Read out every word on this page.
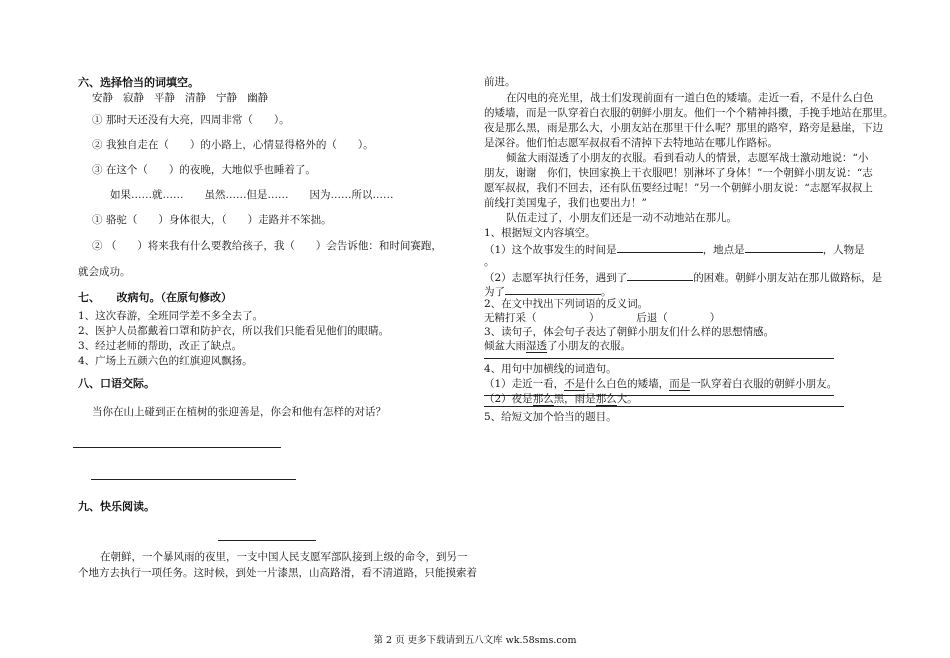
六、选择恰当的词填空。
安静   寂静   平静   清静   宁静   幽静
① 那时天还没有大亮，四周非常（　　）。
② 我独自走在（　　）的小路上，心情显得格外的（　　）。
③ 在这个（　　）的夜晚，大地似乎也睡着了。
如果……就……　　虽然……但是……　　因为……所以……
① 骆驼（　　）身体很大，（　　）走路并不笨拙。
② （　　）将来我有什么要教给孩子，我（　　）会告诉他：和时间赛跑，
就会成功。
七、　　改病句。（在原句修改）
1、这次春游，全班同学差不多全去了。
2、医护人员都戴着口罩和防护衣，所以我们只能看见他们的眼睛。
3、经过老师的帮助，改正了缺点。
4、广场上五颜六色的红旗迎风飘扬。
八、口语交际。
当你在山上碰到正在植树的张迎善是，你会和他有怎样的对话？
九、快乐阅读。
在朝鲜，一个暴风雨的夜里，一支中国人民支愿军部队接到上级的命令，到另一
个地方去执行一项任务。这时候，到处一片漆黑，山高路滑，看不清道路，只能摸索着
前进。
在闪电的亮光里，战士们发现前面有一道白色的矮墙。走近一看，不是什么白色
的矮墙，而是一队穿着白衣服的朝鲜小朋友。他们一个个精神抖擞，手挽手地站在那里。
夜是那么黑，雨是那么大，小朋友站在那里干什么呢？那里的路窄，路旁是悬崖，下边
是深谷。他们怕志愿军叔叔看不清掉下去特地站在哪儿作路标。
倾盆大雨湿透了小朋友的衣服。看到看动人的情景，志愿军战士激动地说：“小
朋友，谢谢　你们，快回家换上干衣服吧！别淋坏了身体！”一个朝鲜小朋友说：“志
愿军叔叔，我们不回去，还有队伍要经过呢！”另一个朝鲜小朋友说：“志愿军叔叔上
前线打美国鬼子，我们也要出力！”
队伍走过了，小朋友们还是一动不动地站在那儿。
1、根据短文内容填空。
（1）这个故事发生的时间是	，地点是	，人物是
。
（2）志愿军执行任务，遇到了	的困难。朝鲜小朋友站在那儿做路标，是
为了	。
2、在文中找出下列词语的反义词。
无精打采（　　　　　）　　　　后退（　　　　）
3、读句子，体会句子表达了朝鲜小朋友们什么样的思想情感。
倾盆大雨湿透了小朋友的衣服。
4、用句中加横线的词造句。
（1）走近一看，不是什么白色的矮墙，而是一队穿着白衣服的朝鲜小朋友。
（2）夜是那么黑，雨是那么大。
5、给短文加个恰当的题目。
第 2 页 更多下载请到五八文库 wk.58sms.com
